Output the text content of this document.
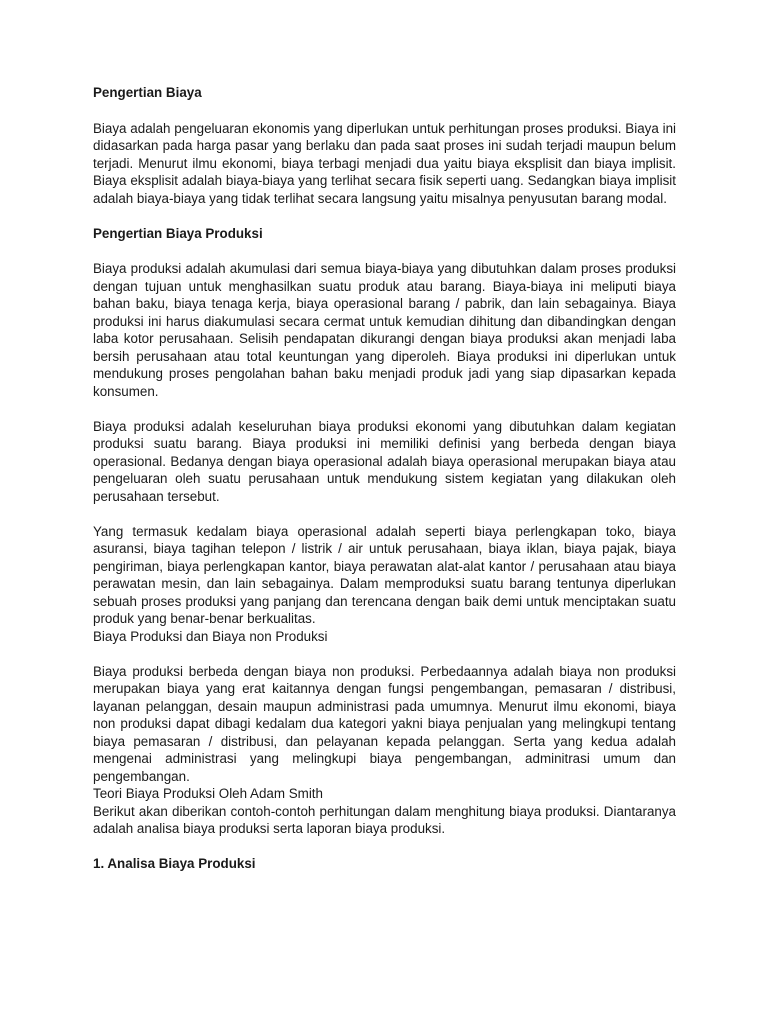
Pengertian Biaya

Biaya adalah pengeluaran ekonomis yang diperlukan untuk perhitungan proses produksi. Biaya ini didasarkan pada harga pasar yang berlaku dan pada saat proses ini sudah terjadi maupun belum terjadi. Menurut ilmu ekonomi, biaya terbagi menjadi dua yaitu biaya eksplisit dan biaya implisit. Biaya eksplisit adalah biaya-biaya yang terlihat secara fisik seperti uang. Sedangkan biaya implisit adalah biaya-biaya yang tidak terlihat secara langsung yaitu misalnya penyusutan barang modal.

Pengertian Biaya Produksi

Biaya produksi adalah akumulasi dari semua biaya-biaya yang dibutuhkan dalam proses produksi dengan tujuan untuk menghasilkan suatu produk atau barang. Biaya-biaya ini meliputi biaya bahan baku, biaya tenaga kerja, biaya operasional barang / pabrik, dan lain sebagainya. Biaya produksi ini harus diakumulasi secara cermat untuk kemudian dihitung dan dibandingkan dengan laba kotor perusahaan. Selisih pendapatan dikurangi dengan biaya produksi akan menjadi laba bersih perusahaan atau total keuntungan yang diperoleh. Biaya produksi ini diperlukan untuk mendukung proses pengolahan bahan baku menjadi produk jadi yang siap dipasarkan kepada konsumen.

Biaya produksi adalah keseluruhan biaya produksi ekonomi yang dibutuhkan dalam kegiatan produksi suatu barang. Biaya produksi ini memiliki definisi yang berbeda dengan biaya operasional. Bedanya dengan biaya operasional adalah biaya operasional merupakan biaya atau pengeluaran oleh suatu perusahaan untuk mendukung sistem kegiatan yang dilakukan oleh perusahaan tersebut.

Yang termasuk kedalam biaya operasional adalah seperti biaya perlengkapan toko, biaya asuransi, biaya tagihan telepon / listrik / air untuk perusahaan, biaya iklan, biaya pajak, biaya pengiriman, biaya perlengkapan kantor, biaya perawatan alat-alat kantor / perusahaan atau biaya perawatan mesin, dan lain sebagainya. Dalam memproduksi suatu barang tentunya diperlukan sebuah proses produksi yang panjang dan terencana dengan baik demi untuk menciptakan suatu produk yang benar-benar berkualitas.

Biaya Produksi dan Biaya non Produksi

Biaya produksi berbeda dengan biaya non produksi. Perbedaannya adalah biaya non produksi merupakan biaya yang erat kaitannya dengan fungsi pengembangan, pemasaran / distribusi, layanan pelanggan, desain maupun administrasi pada umumnya. Menurut ilmu ekonomi, biaya non produksi dapat dibagi kedalam dua kategori yakni biaya penjualan yang melingkupi tentang biaya pemasaran / distribusi, dan pelayanan kepada pelanggan. Serta yang kedua adalah mengenai administrasi yang melingkupi biaya pengembangan, adminitrasi umum dan pengembangan.

Teori Biaya Produksi Oleh Adam Smith

Berikut akan diberikan contoh-contoh perhitungan dalam menghitung biaya produksi. Diantaranya adalah analisa biaya produksi serta laporan biaya produksi.

1. Analisa Biaya Produksi
